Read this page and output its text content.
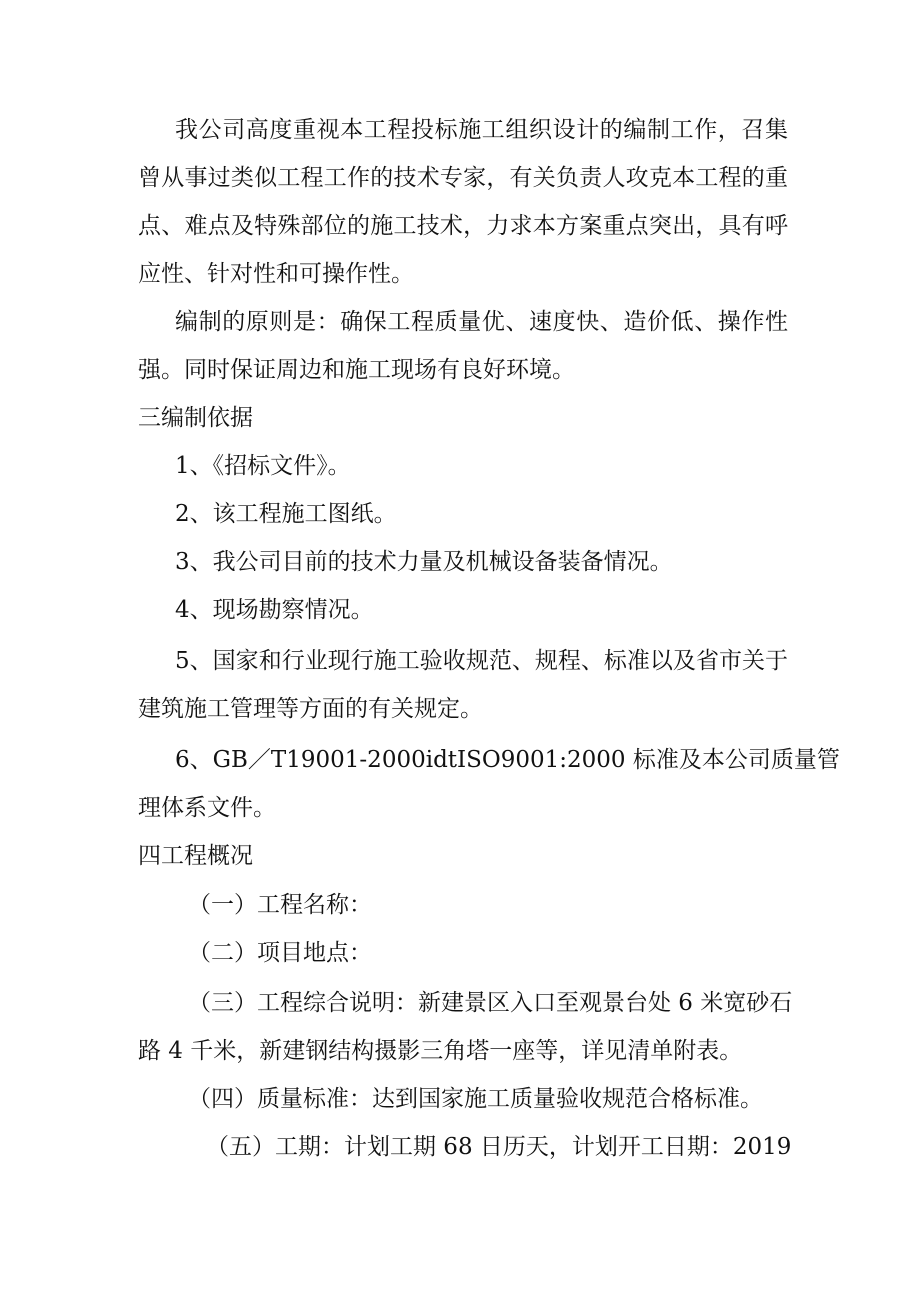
我公司高度重视本工程投标施工组织设计的编制工作，召集
曾从事过类似工程工作的技术专家，有关负责人攻克本工程的重
点、难点及特殊部位的施工技术，力求本方案重点突出，具有呼
应性、针对性和可操作性。
编制的原则是：确保工程质量优、速度快、造价低、操作性
强。同时保证周边和施工现场有良好环境。
三编制依据
1、《招标文件》。
2、该工程施工图纸。
3、我公司目前的技术力量及机械设备装备情况。
4、现场勘察情况。
5、国家和行业现行施工验收规范、规程、标准以及省市关于
建筑施工管理等方面的有关规定。
6、GB／T19001-2000idtISO9001:2000 标准及本公司质量管
理体系文件。
四工程概况
（一）工程名称：
（二）项目地点：
（三）工程综合说明：新建景区入口至观景台处 6 米宽砂石
路 4 千米，新建钢结构摄影三角塔一座等，详见清单附表。
（四）质量标准：达到国家施工质量验收规范合格标准。
（五）工期：计划工期 68 日历天，计划开工日期：2019
